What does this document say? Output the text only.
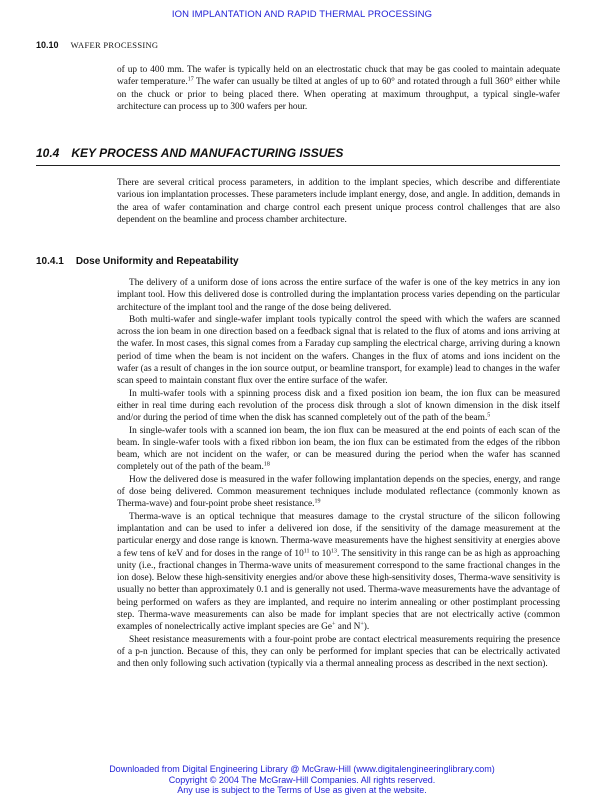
ION IMPLANTATION AND RAPID THERMAL PROCESSING
10.10 WAFER PROCESSING

of up to 400 mm. The wafer is typically held on an electrostatic chuck that may be gas cooled to maintain adequate wafer temperature.$^{17}$ The wafer can usually be tilted at angles of up to 60° and rotated through a full 360° either while on the chuck or prior to being placed there. When operating at maximum throughput, a typical single-wafer architecture can process up to 300 wafers per hour.

10.4 KEY PROCESS AND MANUFACTURING ISSUES

There are several critical process parameters, in addition to the implant species, which describe and differentiate various ion implantation processes. These parameters include implant energy, dose, and angle. In addition, demands in the area of wafer contamination and charge control each present unique process control challenges that are also dependent on the beamline and process chamber architecture.

10.4.1 Dose Uniformity and Repeatability

The delivery of a uniform dose of ions across the entire surface of the wafer is one of the key metrics in any ion implant tool. How this delivered dose is controlled during the implantation process varies depending on the particular architecture of the implant tool and the range of the dose being delivered.

Both multi-wafer and single-wafer implant tools typically control the speed with which the wafers are scanned across the ion beam in one direction based on a feedback signal that is related to the flux of atoms and ions arriving at the wafer. In most cases, this signal comes from a Faraday cup sampling the electrical charge, arriving during a known period of time when the beam is not incident on the wafers. Changes in the flux of atoms and ions incident on the wafer (as a result of changes in the ion source output, or beamline transport, for example) lead to changes in the wafer scan speed to maintain constant flux over the entire surface of the wafer.

In multi-wafer tools with a spinning process disk and a fixed position ion beam, the ion flux can be measured either in real time during each revolution of the process disk through a slot of known dimension in the disk itself and/or during the period of time when the disk has scanned completely out of the path of the beam.$^5$

In single-wafer tools with a scanned ion beam, the ion flux can be measured at the end points of each scan of the beam. In single-wafer tools with a fixed ribbon ion beam, the ion flux can be estimated from the edges of the ribbon beam, which are not incident on the wafer, or can be measured during the period when the wafer has scanned completely out of the path of the beam.$^{18}$

How the delivered dose is measured in the wafer following implantation depends on the species, energy, and range of dose being delivered. Common measurement techniques include modulated reflectance (commonly known as Therma-wave) and four-point probe sheet resistance.$^{19}$

Therma-wave is an optical technique that measures damage to the crystal structure of the silicon following implantation and can be used to infer a delivered ion dose, if the sensitivity of the damage measurement at the particular energy and dose range is known. Therma-wave measurements have the highest sensitivity at energies above a few tens of keV and for doses in the range of $10^{11}$ to $10^{13}$. The sensitivity in this range can be as high as approaching unity (i.e., fractional changes in Therma-wave units of measurement correspond to the same fractional changes in the ion dose). Below these high-sensitivity energies and/or above these high-sensitivity doses, Therma-wave sensitivity is usually no better than approximately 0.1 and is generally not used. Therma-wave measurements have the advantage of being performed on wafers as they are implanted, and require no interim annealing or other postimplant processing step. Therma-wave measurements can also be made for implant species that are not electrically active (common examples of nonelectrically active implant species are Ge+ and N+).

Sheet resistance measurements with a four-point probe are contact electrical measurements requiring the presence of a p-n junction. Because of this, they can only be performed for implant species that can be electrically activated and then only following such activation (typically via a thermal annealing process as described in the next section).

Downloaded from Digital Engineering Library @ McGraw-Hill (www.digitalengineeringlibrary.com)
Copyright © 2004 The McGraw-Hill Companies. All rights reserved.
Any use is subject to the Terms of Use as given at the website.
